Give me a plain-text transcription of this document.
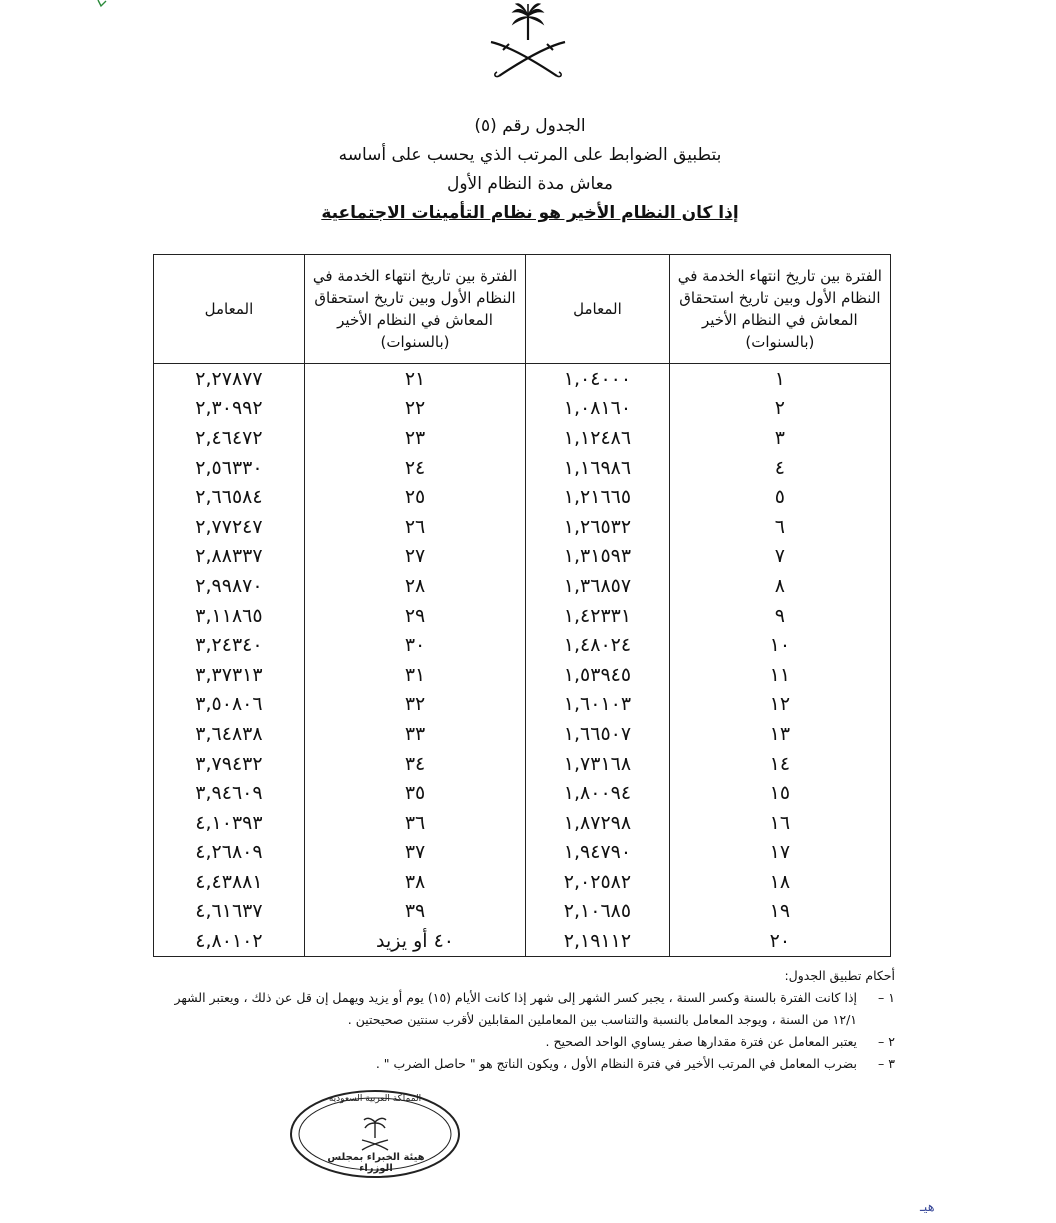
الجدول رقم (٥)
بتطبيق الضوابط على المرتب الذي يحسب على أساسه
معاش مدة النظام الأول
إذا كان النظام الأخير هو نظام التأمينات الاجتماعية
الفترة بين تاريخ انتهاء الخدمة في النظام الأول وبين تاريخ استحقاق المعاش في النظام الأخير (بالسنوات)	المعامل	الفترة بين تاريخ انتهاء الخدمة في النظام الأول وبين تاريخ استحقاق المعاش في النظام الأخير (بالسنوات)	المعامل
١	١,٠٤٠٠٠	٢١	٢,٢٧٨٧٧
٢	١,٠٨١٦٠	٢٢	٢,٣٠٩٩٢
٣	١,١٢٤٨٦	٢٣	٢,٤٦٤٧٢
٤	١,١٦٩٨٦	٢٤	٢,٥٦٣٣٠
٥	١,٢١٦٦٥	٢٥	٢,٦٦٥٨٤
٦	١,٢٦٥٣٢	٢٦	٢,٧٧٢٤٧
٧	١,٣١٥٩٣	٢٧	٢,٨٨٣٣٧
٨	١,٣٦٨٥٧	٢٨	٢,٩٩٨٧٠
٩	١,٤٢٣٣١	٢٩	٣,١١٨٦٥
١٠	١,٤٨٠٢٤	٣٠	٣,٢٤٣٤٠
١١	١,٥٣٩٤٥	٣١	٣,٣٧٣١٣
١٢	١,٦٠١٠٣	٣٢	٣,٥٠٨٠٦
١٣	١,٦٦٥٠٧	٣٣	٣,٦٤٨٣٨
١٤	١,٧٣١٦٨	٣٤	٣,٧٩٤٣٢
١٥	١,٨٠٠٩٤	٣٥	٣,٩٤٦٠٩
١٦	١,٨٧٢٩٨	٣٦	٤,١٠٣٩٣
١٧	١,٩٤٧٩٠	٣٧	٤,٢٦٨٠٩
١٨	٢,٠٢٥٨٢	٣٨	٤,٤٣٨٨١
١٩	٢,١٠٦٨٥	٣٩	٤,٦١٦٣٧
٢٠	٢,١٩١١٢	٤٠ أو يزيد	٤,٨٠١٠٢
أحكام تطبيق الجدول:
١ –
إذا كانت الفترة بالسنة وكسر السنة ، يجبر كسر الشهر إلى شهر إذا كانت الأيام (١٥) يوم أو يزيد ويهمل إن قل عن ذلك ، ويعتبر الشهر ١٢/١ من السنة ، ويوجد المعامل بالنسبة والتناسب بين المعاملين المقابلين لأقرب سنتين صحيحتين .
٢ –
يعتبر المعامل عن فترة مقدارها صفر يساوي الواحد الصحيح .
٣ –
بضرب المعامل في المرتب الأخير في فترة النظام الأول ، ويكون الناتج هو " حاصل الضرب " .
المملكة العربية السعودية
هيئة الخبراء بمجلس الوزراء
هيـ
